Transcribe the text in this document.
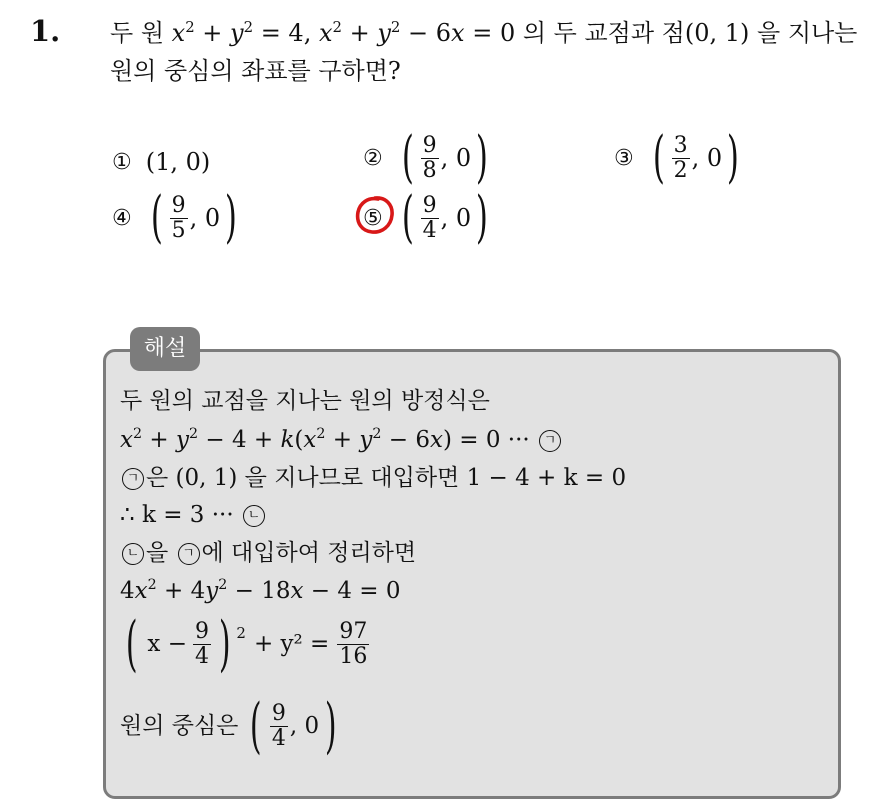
1. 두 원 $x^2 + y^2 = 4$, $x^2 + y^2 - 6x = 0$ 의 두 교점과 점(0, 1) 을 지나는
원의 중심의 좌표를 구하면?
① (1, 0)	② ( $\frac{9}{8}$ , 0 )	③ ( $\frac{3}{2}$ , 0 )
④ ( $\frac{9}{5}$ , 0 )	⑤ ( $\frac{9}{4}$ , 0 )
해설
두 원의 교점을 지나는 원의 방정식은
$x^2 + y^2 - 4 + k(x^2 + y^2 - 6x) = 0$ ··· ㄱ
ㄱ 은 (0, 1) 을 지나므로 대입하면 1 − 4 + k = 0
∴ k = 3 ··· ㄴ
ㄴ 을 ㄱ 에 대입하여 정리하면
$4x^2 + 4y^2 - 18x - 4 = 0$
( $x - \frac{9}{4}$ ) $2 + y^2 = \frac{97}{16}$
원의 중심은 ( $\frac{9}{4}$ , 0 )
